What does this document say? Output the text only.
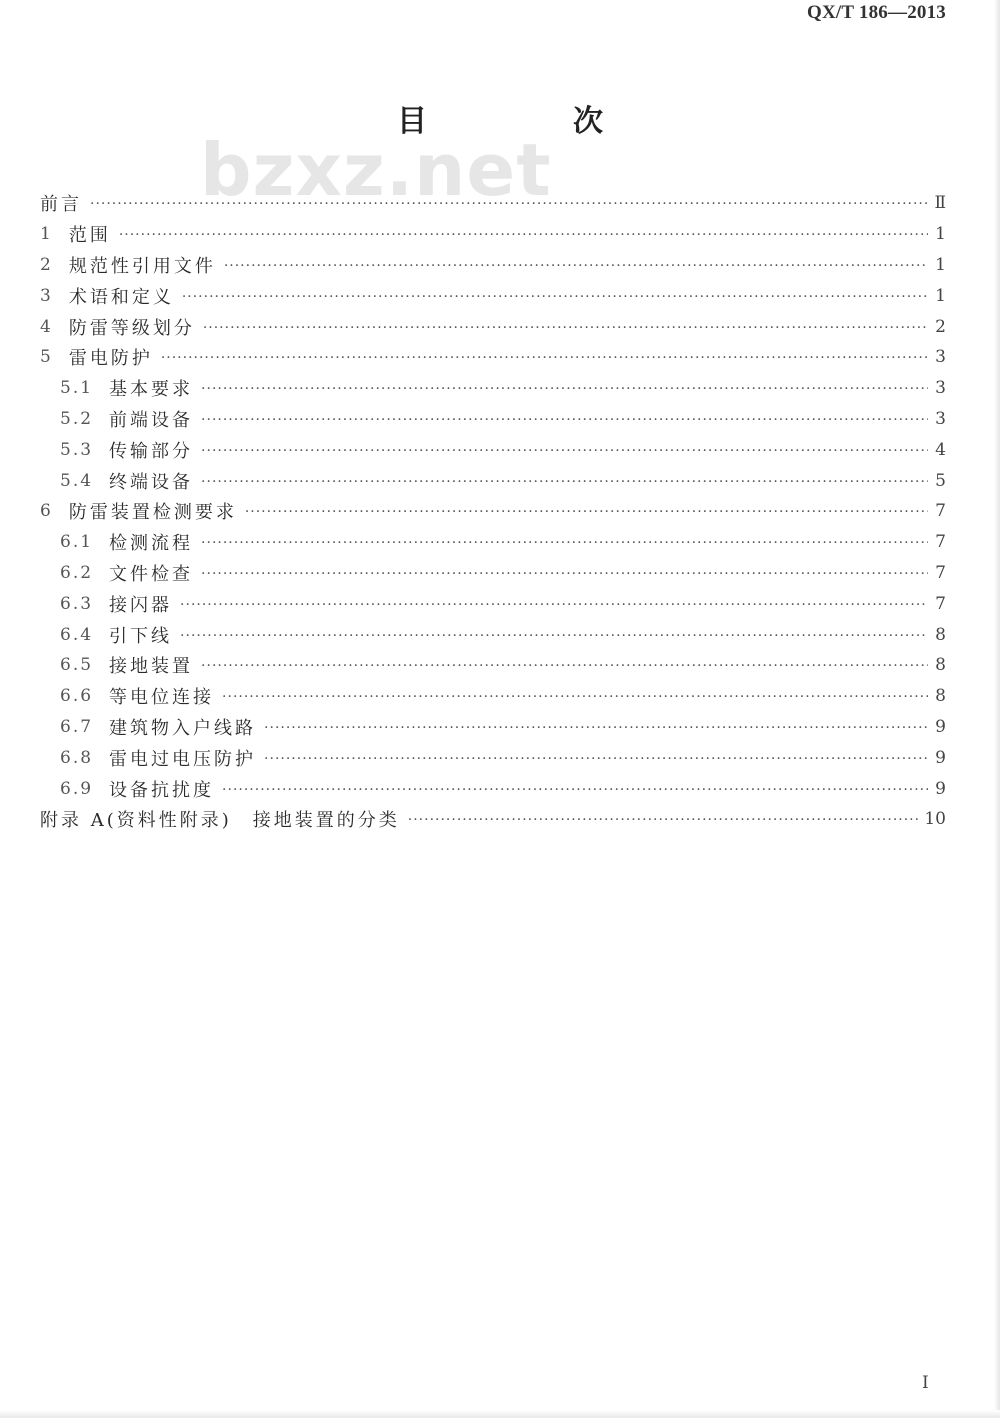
QX/T 186—2013
bzxz.net
目　次
前言 ·····	Ⅱ
1 范围 ·····	1
2 规范性引用文件 ·····	1
3 术语和定义 ·····	1
4 防雷等级划分 ·····	2
5 雷电防护 ·····	3
5.1 基本要求 ·····	3
5.2 前端设备 ·····	3
5.3 传输部分 ·····	4
5.4 终端设备 ·····	5
6 防雷装置检测要求 ·····	7
6.1 检测流程 ·····	7
6.2 文件检查 ·····	7
6.3 接闪器 ·····	7
6.4 引下线 ·····	8
6.5 接地装置 ·····	8
6.6 等电位连接 ·····	8
6.7 建筑物入户线路 ·····	9
6.8 雷电过电压防护 ·····	9
6.9 设备抗扰度 ·····	9
附录 A(资料性附录)　接地装置的分类 ·····	10
I
